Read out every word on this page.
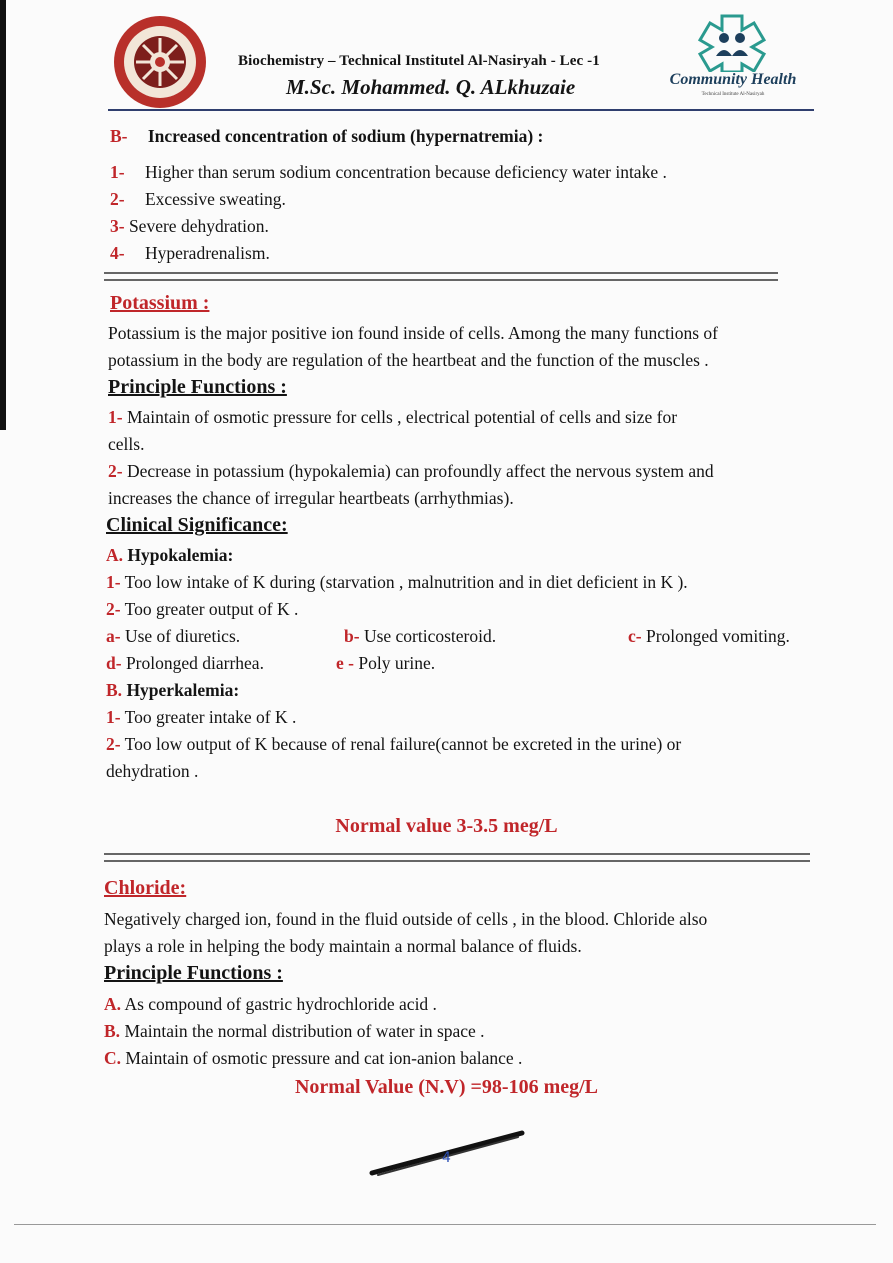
Biochemistry – Technical Institutel Al-Nasiryah - Lec -1
M.Sc. Mohammed. Q. ALkhuzaie	Community Health
Technical Institute Al-Nasiryah
B- Increased concentration of sodium (hypernatremia) :
1- Higher than serum sodium concentration because deficiency water intake .
2- Excessive sweating.
3- Severe dehydration.
4- Hyperadrenalism.
Potassium :
Potassium is the major positive ion found inside of cells. Among the many functions of
potassium in the body are regulation of the heartbeat and the function of the muscles .
Principle Functions :
1- Maintain of osmotic pressure for cells , electrical potential of cells and size for
cells.
2- Decrease in potassium (hypokalemia) can profoundly affect the nervous system and
increases the chance of irregular heartbeats (arrhythmias).
Clinical Significance:
A. Hypokalemia:
1- Too low intake of K during (starvation , malnutrition and in diet deficient in K ).
2- Too greater output of K .
a- Use of diuretics.	b- Use corticosteroid.	c- Prolonged vomiting.
d- Prolonged diarrhea.	e - Poly urine.
B. Hyperkalemia:
1- Too greater intake of K .
2- Too low output of K because of renal failure(cannot be excreted in the urine) or
dehydration .
Normal value 3-3.5 meg/L
Chloride:
Negatively charged ion, found in the fluid outside of cells , in the blood. Chloride also
plays a role in helping the body maintain a normal balance of fluids.
Principle Functions :
A. As compound of gastric hydrochloride acid .
B. Maintain the normal distribution of water in space .
C. Maintain of osmotic pressure and cat ion-anion balance .
Normal Value (N.V) =98-106 meg/L
4
